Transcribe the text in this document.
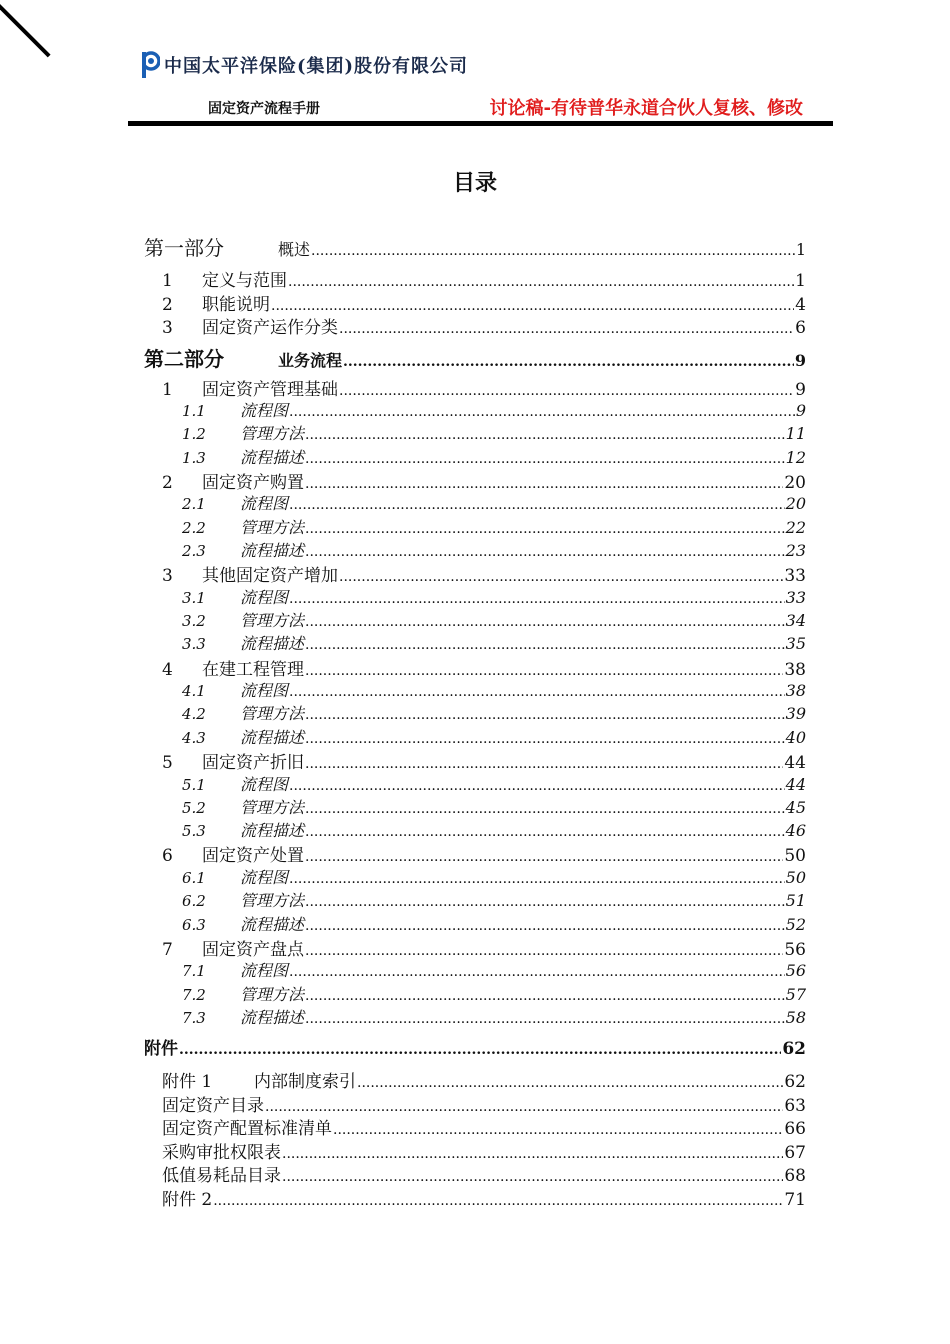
中国太平洋保险(集团)股份有限公司
固定资产流程手册	讨论稿-有待普华永道合伙人复核、修改
目录
第一部分	概述 .....	1
1	定义与范围 .....	1
2	职能说明 .....	4
3	固定资产运作分类 .....	6
第二部分	业务流程 .....	9
1	固定资产管理基础 .....	9
1.1	流程图 .....	9
1.2	管理方法 .....	11
1.3	流程描述 .....	12
2	固定资产购置 .....	20
2.1	流程图 .....	20
2.2	管理方法 .....	22
2.3	流程描述 .....	23
3	其他固定资产增加 .....	33
3.1	流程图 .....	33
3.2	管理方法 .....	34
3.3	流程描述 .....	35
4	在建工程管理 .....	38
4.1	流程图 .....	38
4.2	管理方法 .....	39
4.3	流程描述 .....	40
5	固定资产折旧 .....	44
5.1	流程图 .....	44
5.2	管理方法 .....	45
5.3	流程描述 .....	46
6	固定资产处置 .....	50
6.1	流程图 .....	50
6.2	管理方法 .....	51
6.3	流程描述 .....	52
7	固定资产盘点 .....	56
7.1	流程图 .....	56
7.2	管理方法 .....	57
7.3	流程描述 .....	58
附件 .....	62
附件 1	内部制度索引 .....	62
固定资产目录 .....	63
固定资产配置标准清单 .....	66
采购审批权限表 .....	67
低值易耗品目录 .....	68
附件 2 .....	71
